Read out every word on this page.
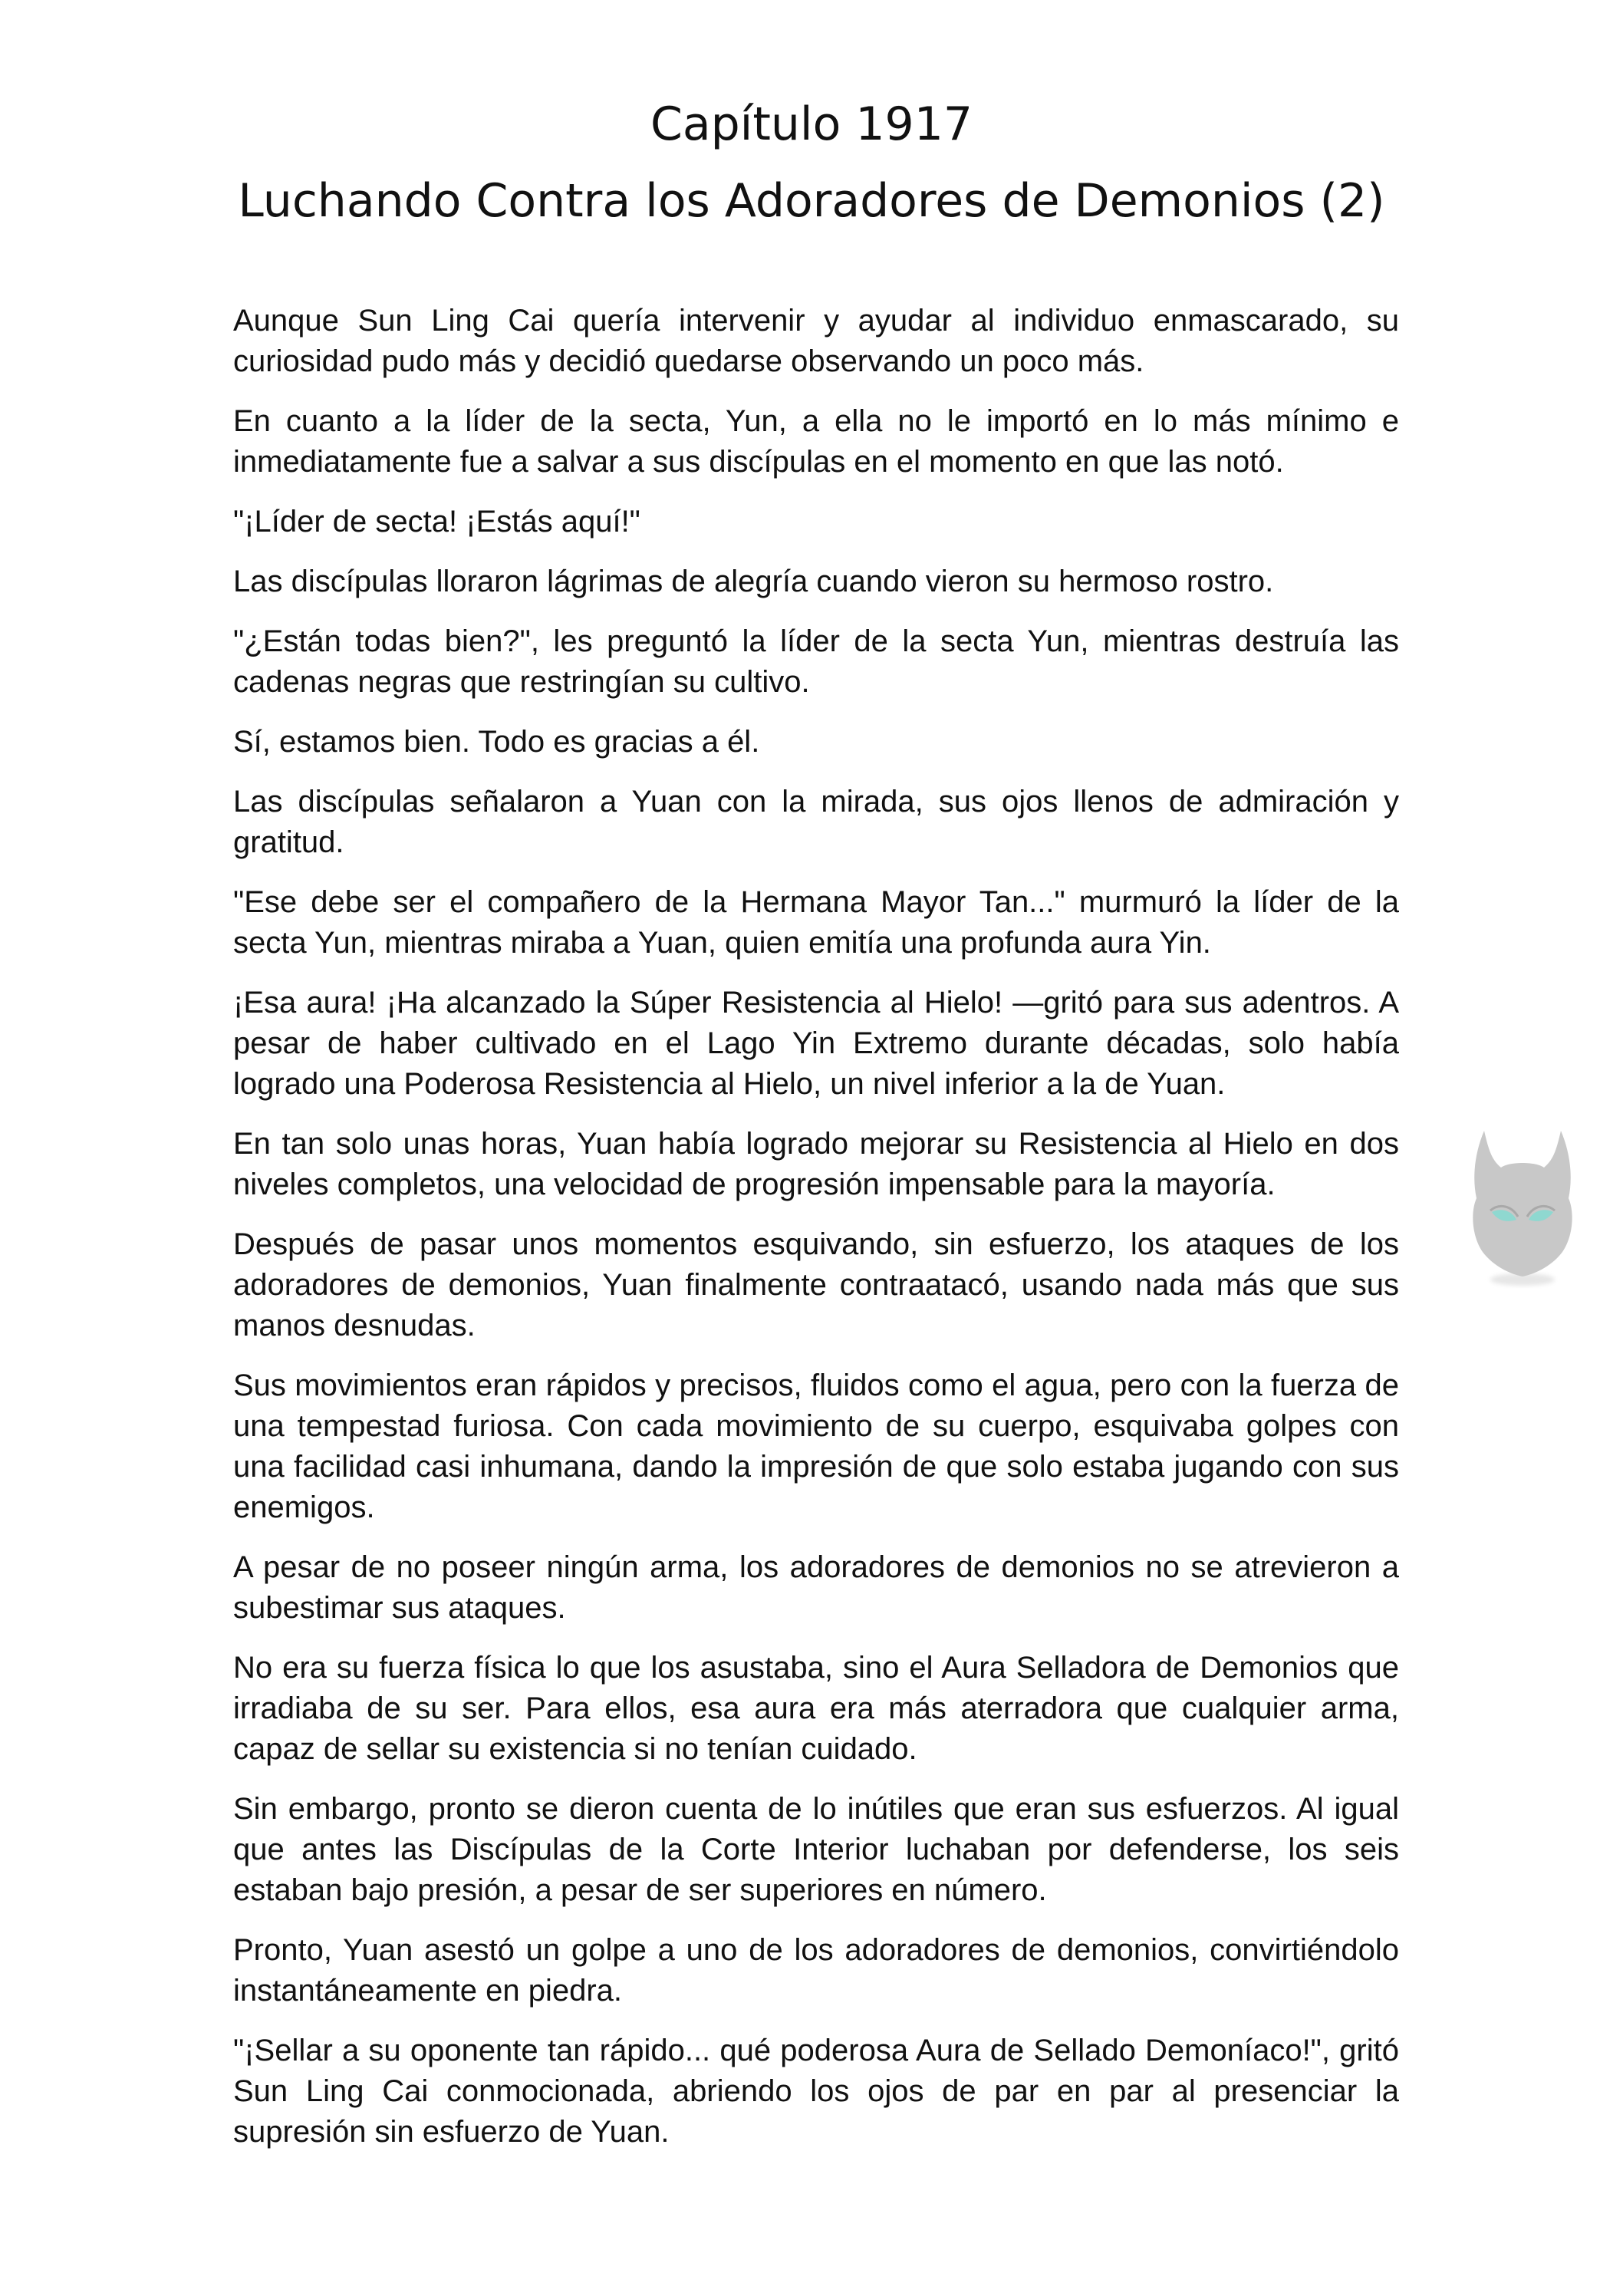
Capítulo 1917
Luchando Contra los Adoradores de Demonios (2)

Aunque Sun Ling Cai quería intervenir y ayudar al individuo enmascarado, su curiosidad pudo más y decidió quedarse observando un poco más.

En cuanto a la líder de la secta, Yun, a ella no le importó en lo más mínimo e inmediatamente fue a salvar a sus discípulas en el momento en que las notó.

"¡Líder de secta! ¡Estás aquí!"

Las discípulas lloraron lágrimas de alegría cuando vieron su hermoso rostro.

"¿Están todas bien?", les preguntó la líder de la secta Yun, mientras destruía las cadenas negras que restringían su cultivo.

Sí, estamos bien. Todo es gracias a él.

Las discípulas señalaron a Yuan con la mirada, sus ojos llenos de admiración y gratitud.

"Ese debe ser el compañero de la Hermana Mayor Tan..." murmuró la líder de la secta Yun, mientras miraba a Yuan, quien emitía una profunda aura Yin.

¡Esa aura! ¡Ha alcanzado la Súper Resistencia al Hielo! —gritó para sus adentros. A pesar de haber cultivado en el Lago Yin Extremo durante décadas, solo había logrado una Poderosa Resistencia al Hielo, un nivel inferior a la de Yuan.

En tan solo unas horas, Yuan había logrado mejorar su Resistencia al Hielo en dos niveles completos, una velocidad de progresión impensable para la mayoría.

Después de pasar unos momentos esquivando, sin esfuerzo, los ataques de los adoradores de demonios, Yuan finalmente contraatacó, usando nada más que sus manos desnudas.

Sus movimientos eran rápidos y precisos, fluidos como el agua, pero con la fuerza de una tempestad furiosa. Con cada movimiento de su cuerpo, esquivaba golpes con una facilidad casi inhumana, dando la impresión de que solo estaba jugando con sus enemigos.

A pesar de no poseer ningún arma, los adoradores de demonios no se atrevieron a subestimar sus ataques.

No era su fuerza física lo que los asustaba, sino el Aura Selladora de Demonios que irradiaba de su ser. Para ellos, esa aura era más aterradora que cualquier arma, capaz de sellar su existencia si no tenían cuidado.

Sin embargo, pronto se dieron cuenta de lo inútiles que eran sus esfuerzos. Al igual que antes las Discípulas de la Corte Interior luchaban por defenderse, los seis estaban bajo presión, a pesar de ser superiores en número.

Pronto, Yuan asestó un golpe a uno de los adoradores de demonios, convirtiéndolo instantáneamente en piedra.

"¡Sellar a su oponente tan rápido... qué poderosa Aura de Sellado Demoníaco!", gritó Sun Ling Cai conmocionada, abriendo los ojos de par en par al presenciar la supresión sin esfuerzo de Yuan.
